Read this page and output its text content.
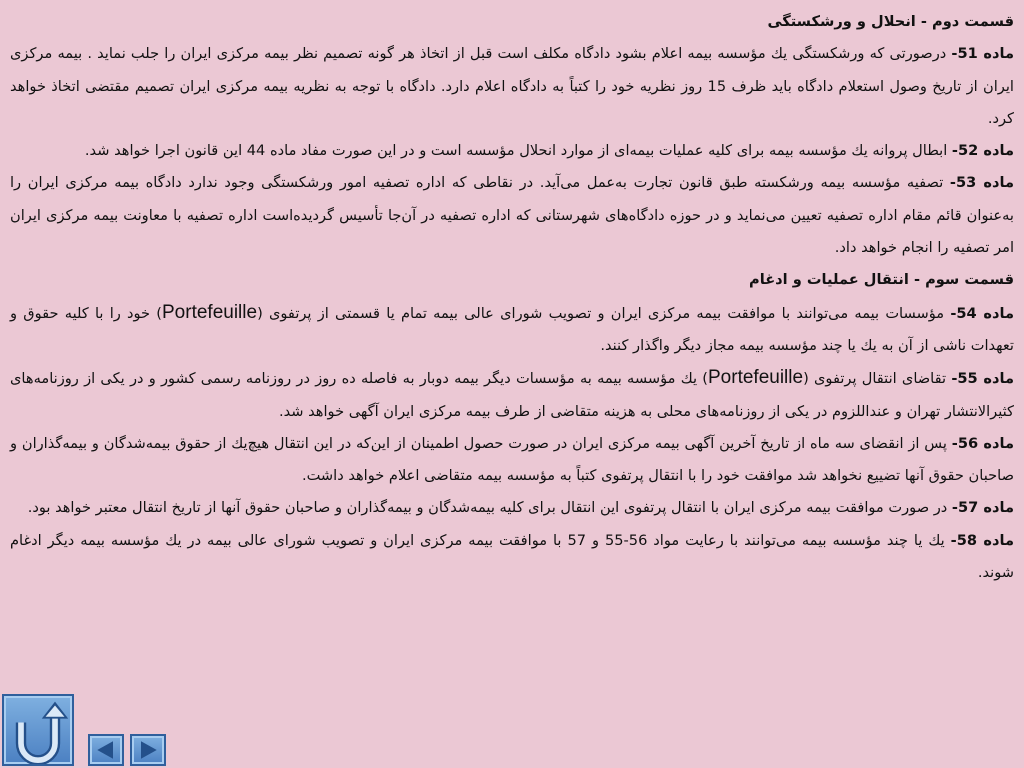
قسمت دوم - انحلال و ورشکستگی

ماده 51- درصورتی که ورشکستگی یك مؤسسه بیمه اعلام بشود دادگاه مکلف است قبل از اتخاذ هر گونه تصمیم نظر بیمه مرکزی ایران را جلب نماید . بیمه مرکزی ایران از تاریخ وصول استعلام دادگاه باید ظرف 15 روز نظریه خود را کتباً به دادگاه اعلام دارد. دادگاه با توجه به نظریه بیمه مرکزی ایران تصمیم مقتضی اتخاذ خواهد کرد.

ماده 52- ابطال پروانه یك مؤسسه بیمه برای کلیه عملیات بیمه‌ای از موارد انحلال مؤسسه است و در این صورت مفاد ماده 44 این قانون اجرا خواهد شد.

ماده 53- تصفیه مؤسسه بیمه ورشکسته طبق قانون تجارت به‌عمل می‌آید. در نقاطی که اداره تصفیه امور ورشکستگی وجود ندارد دادگاه بیمه مرکزی ایران را به‌عنوان قائم مقام اداره تصفیه تعیین می‌نماید و در حوزه دادگاه‌های شهرستانی که اداره تصفیه در آن‌جا تأسیس گردیده‌است اداره تصفیه با معاونت بیمه مرکزی ایران امر تصفیه را انجام خواهد داد.

قسمت سوم - انتقال عملیات و ادغام

ماده 54- مؤسسات بیمه می‌توانند با موافقت بیمه مرکزی ایران و تصویب شورای عالی بیمه تمام یا قسمتی از پرتفوی (Portefeuille) خود را با کلیه حقوق و تعهدات ناشی از آن به یك یا چند مؤسسه بیمه مجاز دیگر واگذار کنند.

ماده 55- تقاضای انتقال پرتفوی (Portefeuille) یك مؤسسه بیمه به مؤسسات دیگر بیمه دوبار به فاصله ده روز در روزنامه رسمی کشور و در یکی از روزنامه‌های کثیرالانتشار تهران و عنداللزوم در یکی از روزنامه‌های محلی به هزینه متقاضی از طرف بیمه مرکزی ایران آگهی خواهد شد.

ماده 56- پس از انقضای سه ماه از تاریخ آخرین آگهی بیمه مرکزی ایران در صورت حصول اطمینان از این‌که در این انتقال هیچ‌یك از حقوق بیمه‌شدگان و بیمه‌گذاران و صاحبان حقوق آنها تضییع نخواهد شد موافقت خود را با انتقال پرتفوی کتباً به مؤسسه بیمه متقاضی اعلام خواهد داشت.

ماده 57- در صورت موافقت بیمه مرکزی ایران با انتقال پرتفوی این انتقال برای کلیه بیمه‌شدگان و بیمه‌گذاران و صاحبان حقوق آنها از تاریخ انتقال معتبر خواهد بود.

ماده 58- یك یا چند مؤسسه بیمه می‌توانند با رعایت مواد 56-55 و 57 با موافقت بیمه مرکزی ایران و تصویب شورای عالی بیمه در یك مؤسسه بیمه دیگر ادغام شوند.
